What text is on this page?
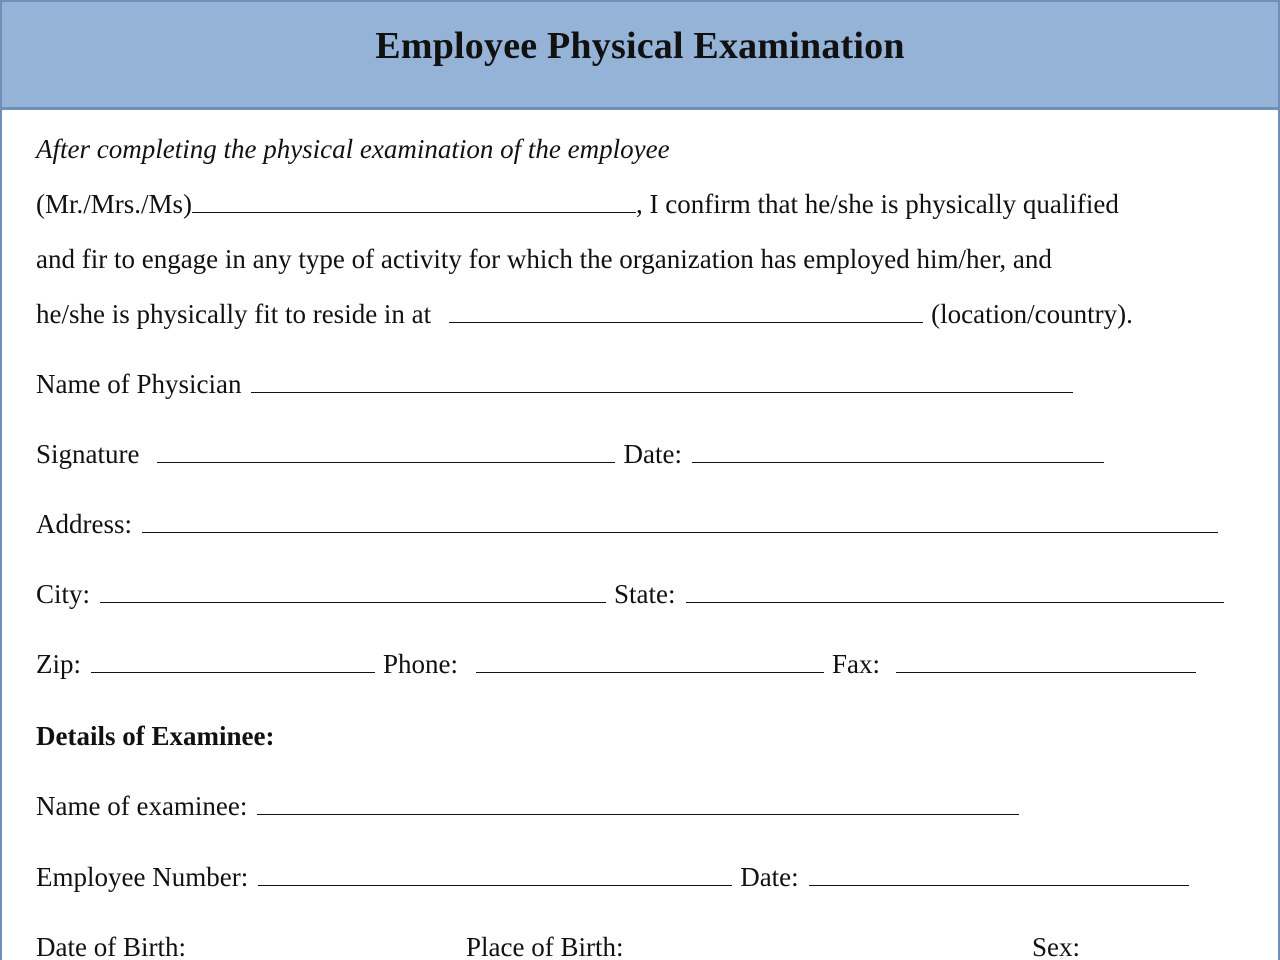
Employee Physical Examination
After completing the physical examination of the employee
(Mr./Mrs./Ms)	, I confirm that he/she is physically qualified
and fir to engage in any type of activity for which the organization has employed him/her, and
he/she is physically fit to reside in at	(location/country).
Name of Physician
Signature	Date:
Address:
City:	State:
Zip:	Phone:	Fax:
Details of Examinee:
Name of examinee:
Employee Number:	Date:
Date of Birth:	Place of Birth:	Sex:
